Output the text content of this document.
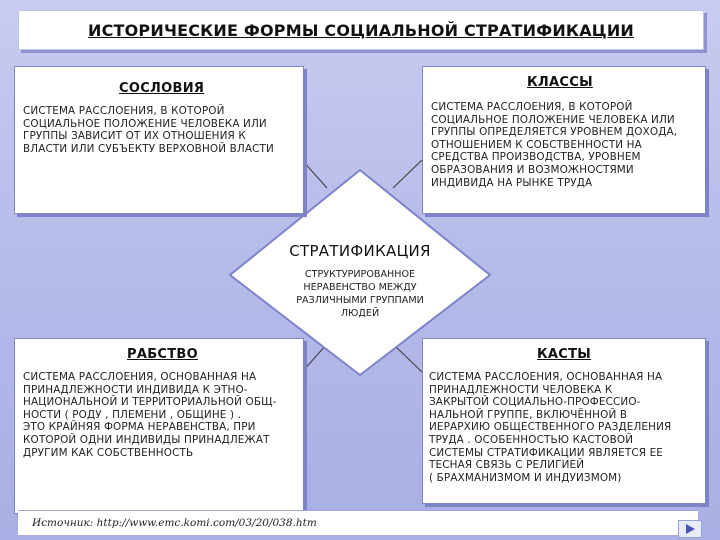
ИСТОРИЧЕСКИЕ ФОРМЫ СОЦИАЛЬНОЙ СТРАТИФИКАЦИИ
СОСЛОВИЯ
СИСТЕМА РАССЛОЕНИЯ, В КОТОРОЙ
СОЦИАЛЬНОЕ ПОЛОЖЕНИЕ ЧЕЛОВЕКА ИЛИ
ГРУППЫ ЗАВИСИТ ОТ ИХ ОТНОШЕНИЯ К
ВЛАСТИ ИЛИ СУБЪЕКТУ ВЕРХОВНОЙ ВЛАСТИ
КЛАССЫ
СИСТЕМА РАССЛОЕНИЯ, В КОТОРОЙ
СОЦИАЛЬНОЕ ПОЛОЖЕНИЕ ЧЕЛОВЕКА ИЛИ
ГРУППЫ ОПРЕДЕЛЯЕТСЯ УРОВНЕМ ДОХОДА,
ОТНОШЕНИЕМ К СОБСТВЕННОСТИ НА
СРЕДСТВА ПРОИЗВОДСТВА, УРОВНЕМ
ОБРАЗОВАНИЯ И ВОЗМОЖНОСТЯМИ
ИНДИВИДА НА РЫНКЕ ТРУДА
СТРАТИФИКАЦИЯ
СТРУКТУРИРОВАННОЕ
НЕРАВЕНСТВО МЕЖДУ
РАЗЛИЧНЫМИ ГРУППАМИ
ЛЮДЕЙ
РАБСТВО
СИСТЕМА РАССЛОЕНИЯ, ОСНОВАННАЯ НА
ПРИНАДЛЕЖНОСТИ ИНДИВИДА К ЭТНО-
НАЦИОНАЛЬНОЙ И ТЕРРИТОРИАЛЬНОЙ ОБЩ-
НОСТИ ( РОДУ , ПЛЕМЕНИ , ОБЩИНЕ ) .
ЭТО КРАЙНЯЯ ФОРМА НЕРАВЕНСТВА, ПРИ
КОТОРОЙ ОДНИ ИНДИВИДЫ ПРИНАДЛЕЖАТ
ДРУГИМ КАК СОБСТВЕННОСТЬ
КАСТЫ
СИСТЕМА РАССЛОЕНИЯ, ОСНОВАННАЯ НА
ПРИНАДЛЕЖНОСТИ ЧЕЛОВЕКА К
ЗАКРЫТОЙ СОЦИАЛЬНО-ПРОФЕССИО-
НАЛЬНОЙ ГРУППЕ, ВКЛЮЧЁННОЙ В
ИЕРАРХИЮ ОБЩЕСТВЕННОГО РАЗДЕЛЕНИЯ
ТРУДА . ОСОБЕННОСТЬЮ КАСТОВОЙ
СИСТЕМЫ СТРАТИФИКАЦИИ ЯВЛЯЕТСЯ ЕЕ
ТЕСНАЯ СВЯЗЬ С РЕЛИГИЕЙ
( БРАХМАНИЗМОМ И ИНДУИЗМОМ)
Источник: http://www.emc.komi.com/03/20/038.htm
